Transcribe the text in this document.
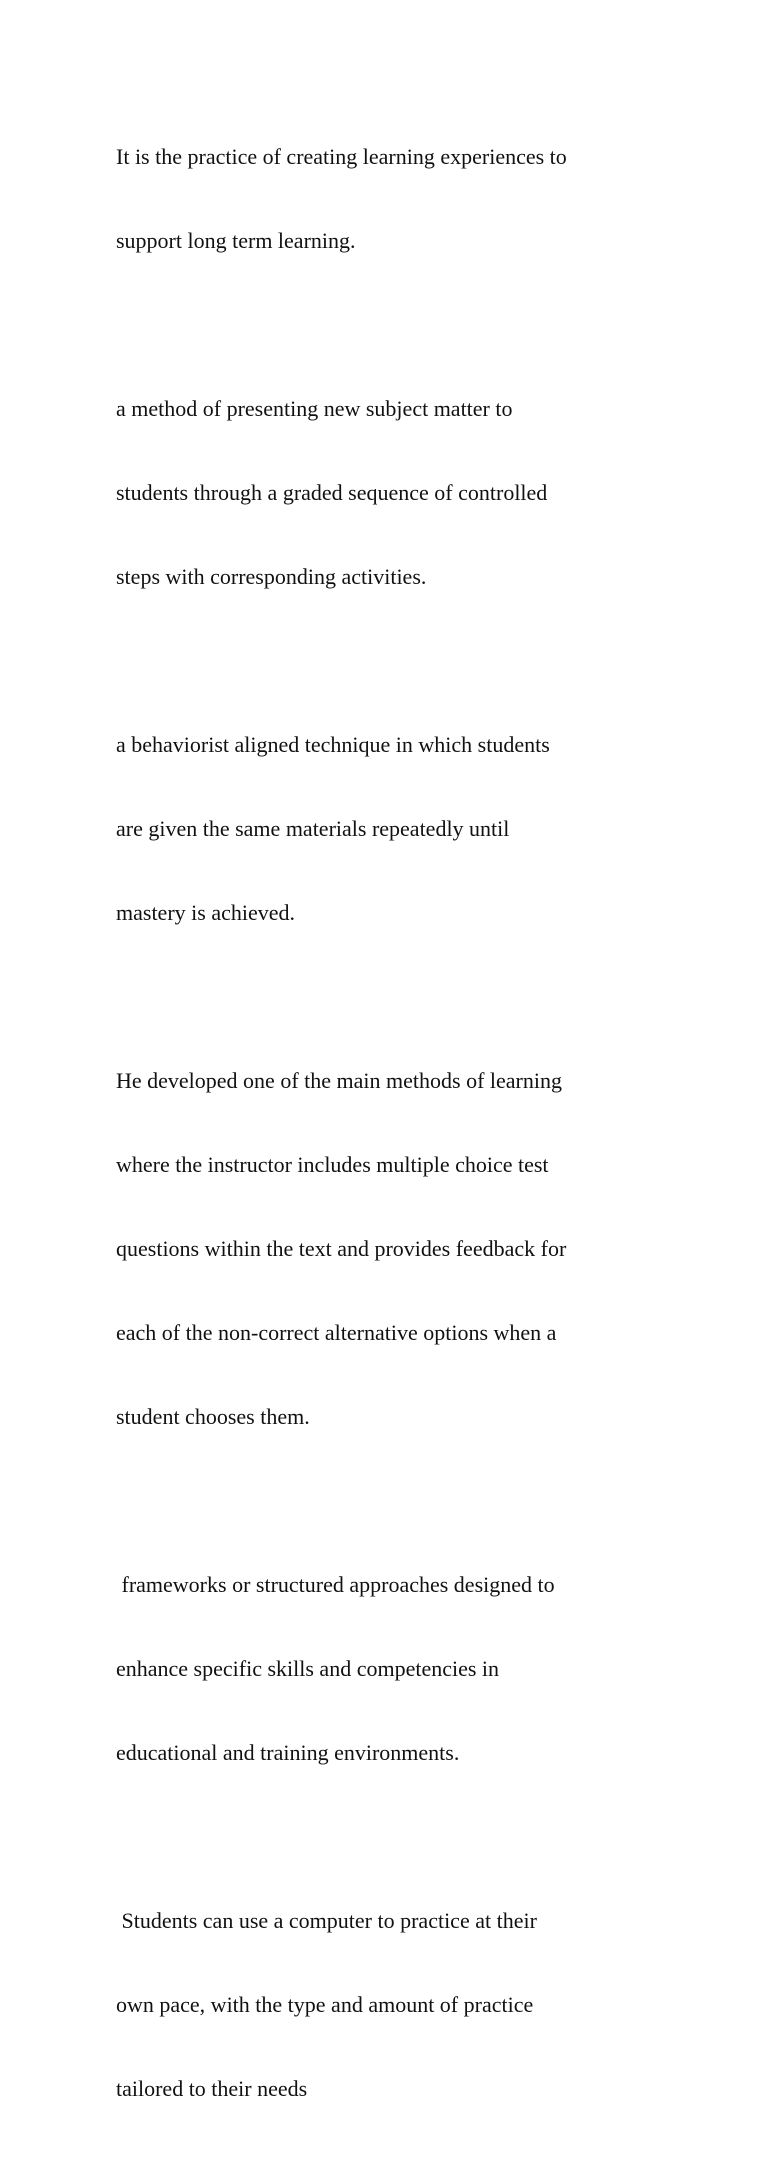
It is the practice of creating learning experiences to

support long term learning.

a method of presenting new subject matter to

students through a graded sequence of controlled

steps with corresponding activities.

a behaviorist aligned technique in which students

are given the same materials repeatedly until

mastery is achieved.

He developed one of the main methods of learning

where the instructor includes multiple choice test

questions within the text and provides feedback for

each of the non-correct alternative options when a

student chooses them.

frameworks or structured approaches designed to

enhance specific skills and competencies in

educational and training environments.

Students can use a computer to practice at their

own pace, with the type and amount of practice

tailored to their needs
